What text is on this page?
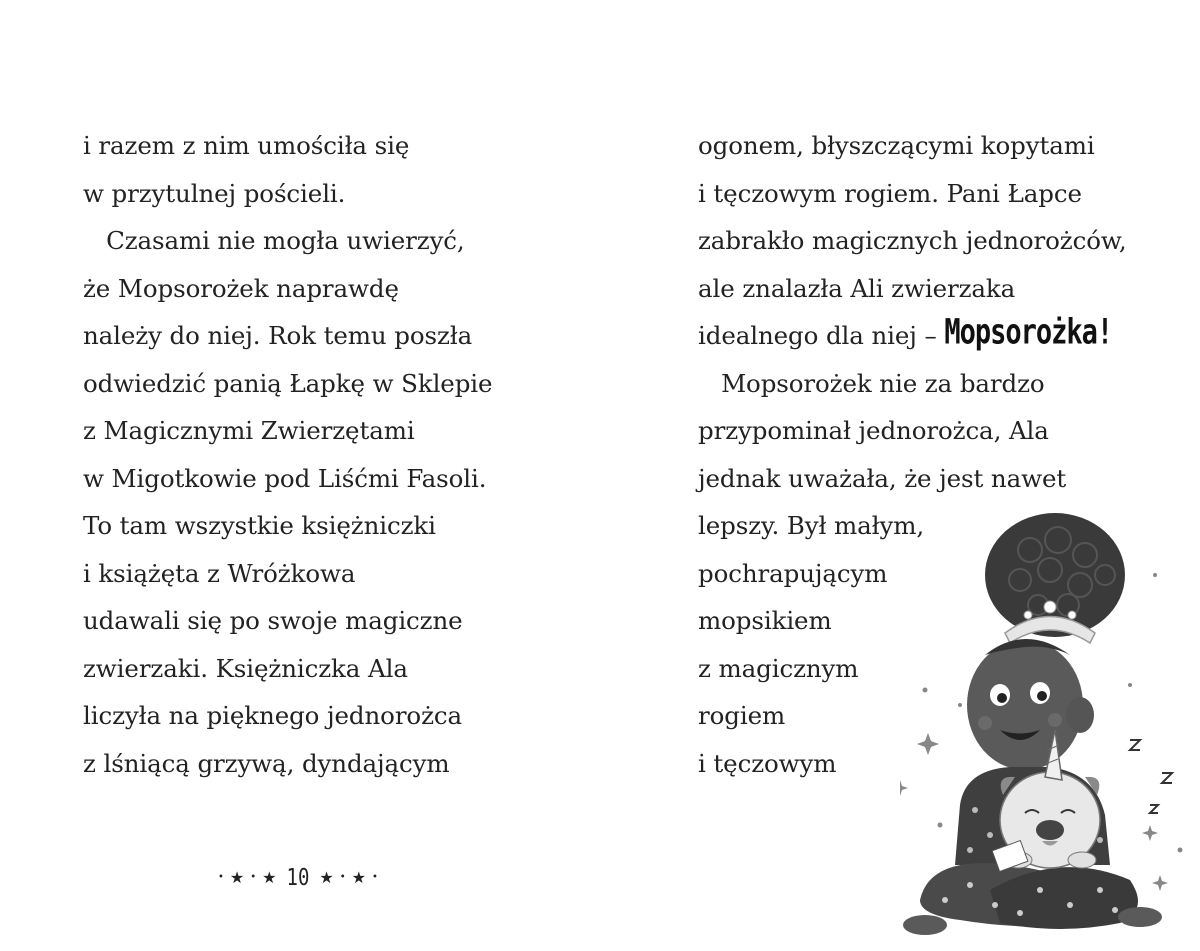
i razem z nim umościła się
w przytulnej pościeli.
Czasami nie mogła uwierzyć,
że Mopsorożek naprawdę
należy do niej. Rok temu poszła
odwiedzić panią Łapkę w Sklepie
z Magicznymi Zwierzętami
w Migotkowie pod Liśćmi Fasoli.
To tam wszystkie księżniczki
i książęta z Wróżkowa
udawali się po swoje magiczne
zwierzaki. Księżniczka Ala
liczyła na pięknego jednorożca
z lśniącą grzywą, dyndającym
• ★ • ★ 10 ★ • ★ •
ogonem, błyszczącymi kopytami
i tęczowym rogiem. Pani Łapce
zabrakło magicznych jednorożców,
ale znalazła Ali zwierzaka
idealnego dla niej – Mopsorożka!
Mopsorożek nie za bardzo
przypominał jednorożca, Ala
jednak uważała, że jest nawet
lepszy. Był małym,
pochrapującym
mopsikiem
z magicznym
rogiem
i tęczowym
